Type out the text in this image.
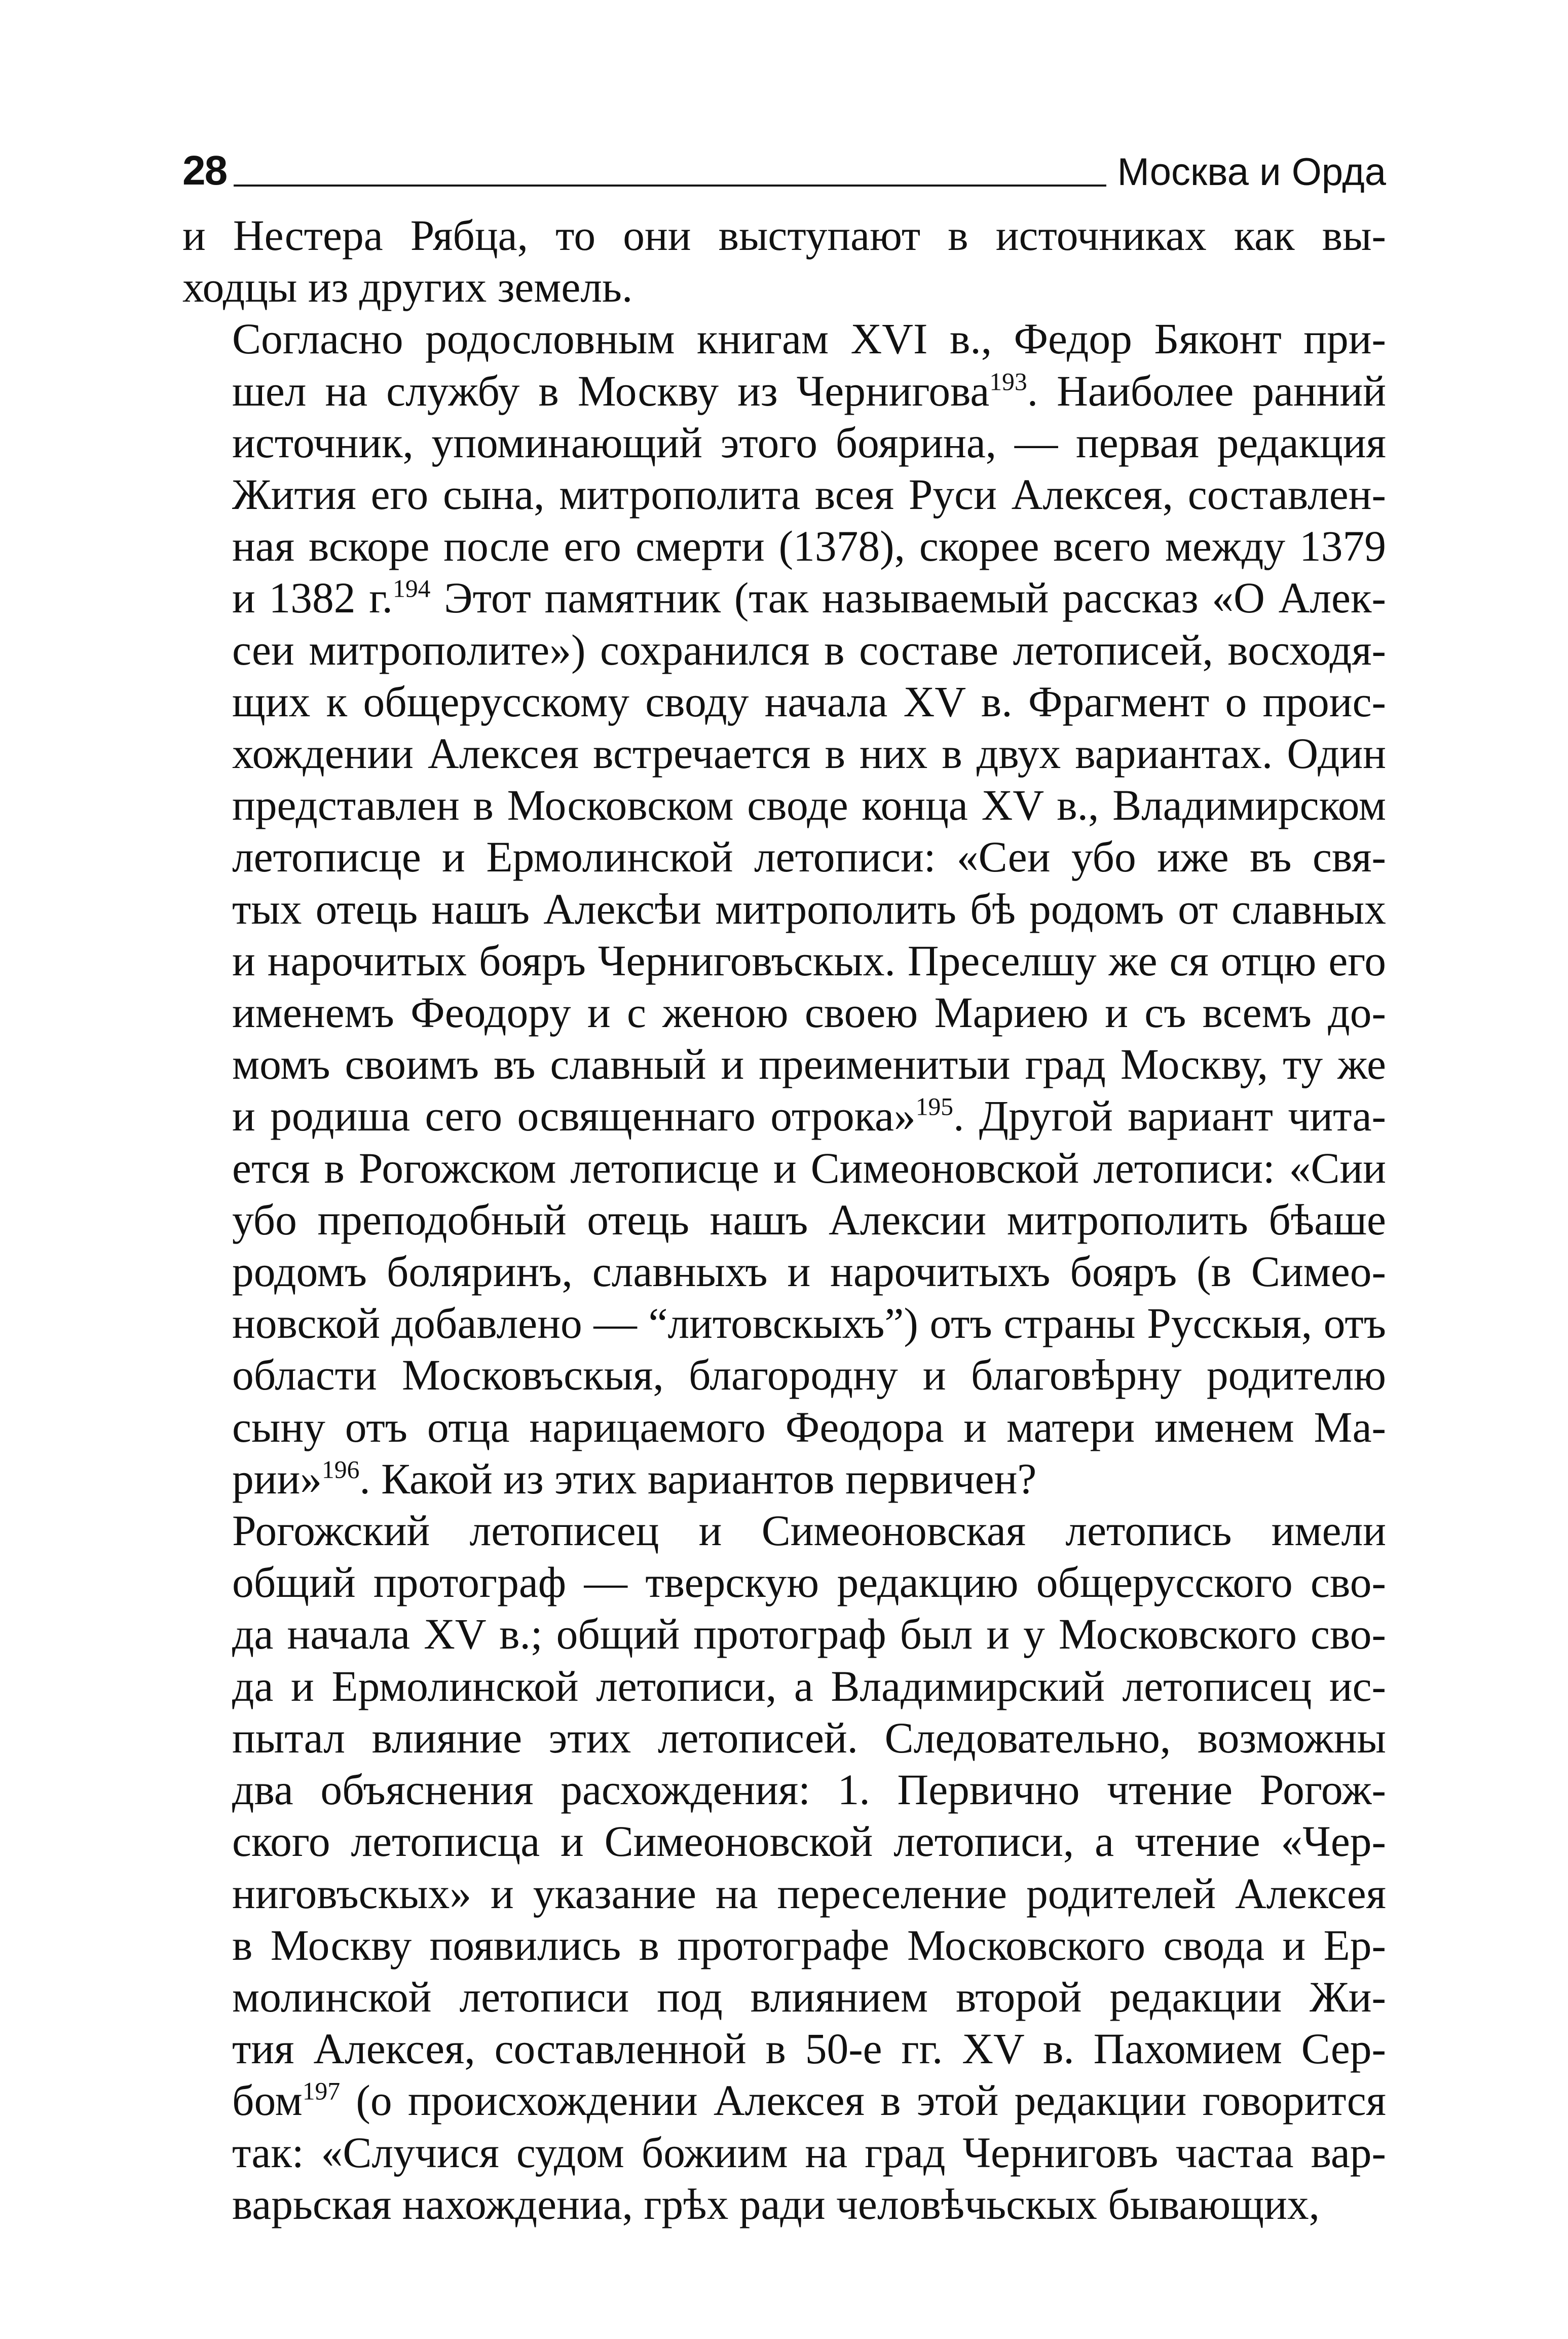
28	Москва и Орда

и Нестера Рябца, то они выступают в источниках как вы-
ходцы из других земель.

Согласно родословным книгам XVI в., Федор Бяконт при-
шел на службу в Москву из Чернигова$^{193}$. Наиболее ранний
источник, упоминающий этого боярина, — первая редакция
Жития его сына, митрополита всея Руси Алексея, составлен-
ная вскоре после его смерти (1378), скорее всего между 1379
и 1382 г.$^{194}$ Этот памятник (так называемый рассказ «О Алек-
сеи митрополите») сохранился в составе летописей, восходя-
щих к общерусскому своду начала XV в. Фрагмент о проис-
хождении Алексея встречается в них в двух вариантах. Один
представлен в Московском своде конца XV в., Владимирском
летописце и Ермолинской летописи: «Сеи убо иже въ свя-
тых отець нашъ Алексѣи митрополить бѣ родомъ от славных
и нарочитых бояръ Черниговъскых. Преселшу же ся отцю его
именемъ Феодору и с женою своею Мариею и съ всемъ до-
момъ своимъ въ славный и преименитыи град Москву, ту же
и родиша сего освященнаго отрока»$^{195}$. Другой вариант чита-
ется в Рогожском летописце и Симеоновской летописи: «Сии
убо преподобный отець нашъ Алексии митрополить бѣаше
родомъ боляринъ, славныхъ и нарочитыхъ бояръ (в Симео-
новской добавлено — “литовскыхъ”) отъ страны Русскыя, отъ
области Московъскыя, благородну и благовѣрну родителю
сыну отъ отца нарицаемого Феодора и матери именем Ма-
рии»$^{196}$. Какой из этих вариантов первичен?

Рогожский летописец и Симеоновская летопись имели
общий протограф — тверскую редакцию общерусского сво-
да начала XV в.; общий протограф был и у Московского сво-
да и Ермолинской летописи, а Владимирский летописец ис-
пытал влияние этих летописей. Следовательно, возможны
два объяснения расхождения: 1. Первично чтение Рогож-
ского летописца и Симеоновской летописи, а чтение «Чер-
ниговъскых» и указание на переселение родителей Алексея
в Москву появились в протографе Московского свода и Ер-
молинской летописи под влиянием второй редакции Жи-
тия Алексея, составленной в 50-е гг. XV в. Пахомием Сер-
бом$^{197}$ (о происхождении Алексея в этой редакции говорится
так: «Случися судом божиим на град Черниговъ частаа вар-
варьская нахождениа, грѣх ради человѣчьскых бывающих,
